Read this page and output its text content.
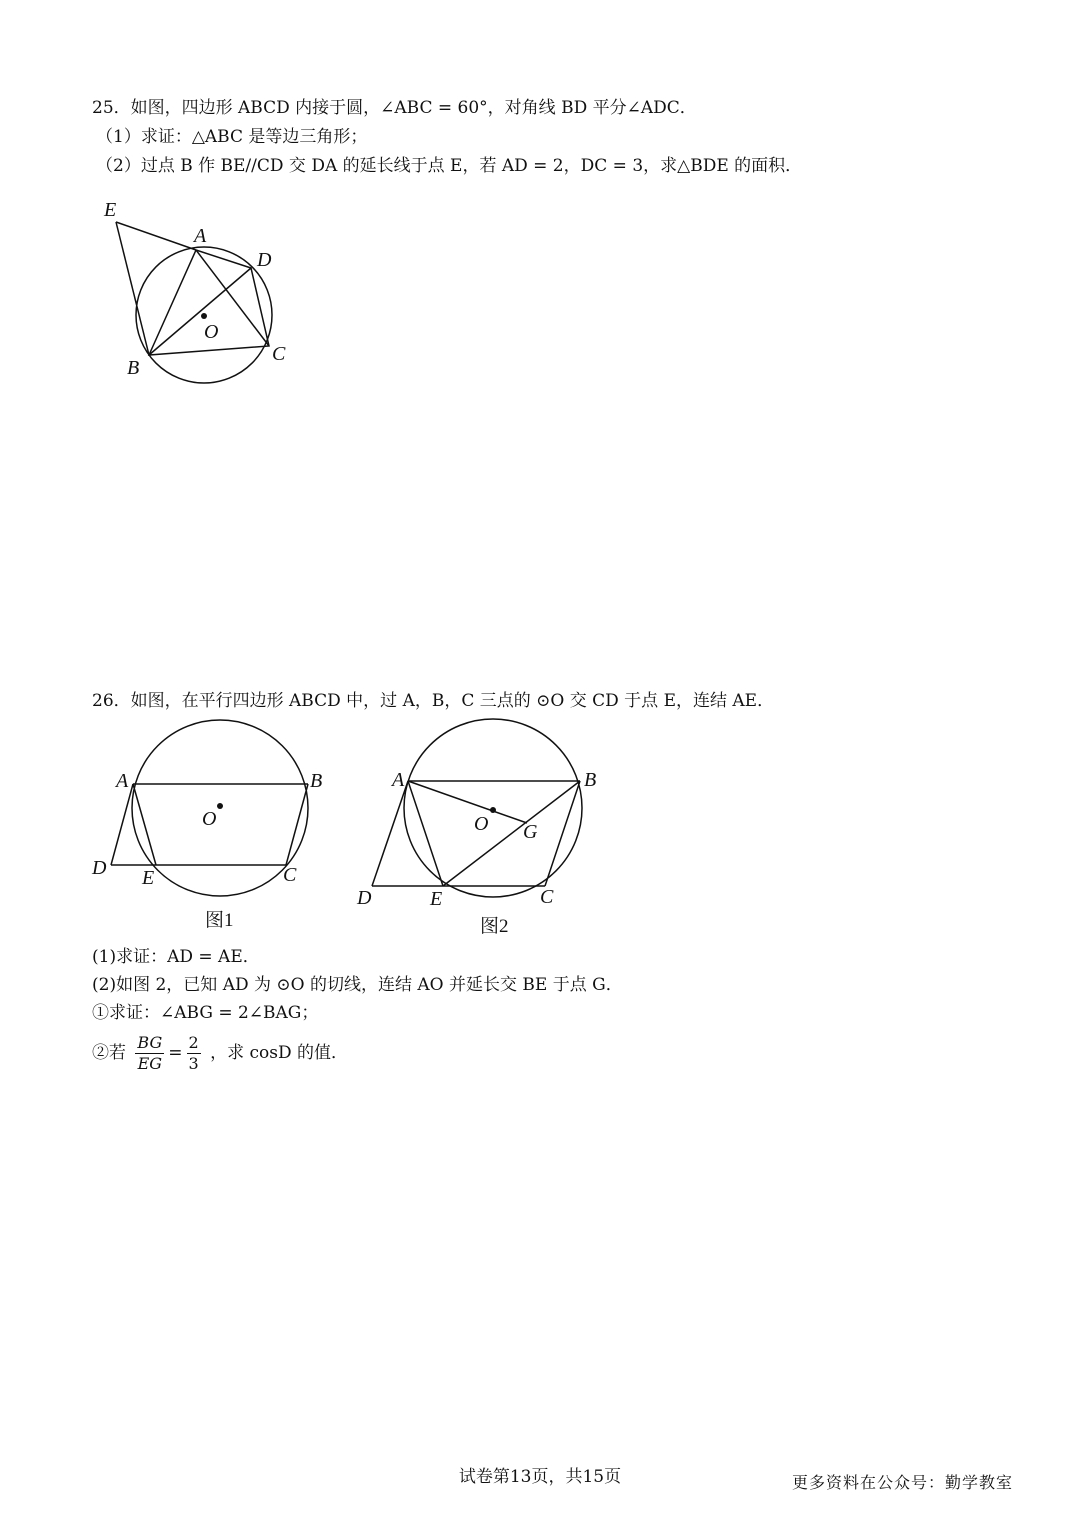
25．如图，四边形 ABCD 内接于圆，∠ABC = 60°，对角线 BD 平分∠ADC．
（1）求证：△ABC 是等边三角形；
（2）过点 B 作 BE//CD 交 DA 的延长线于点 E，若 AD = 2，DC = 3，求△BDE 的面积．
E
A
D
O
B
C
26．如图，在平行四边形 ABCD 中，过 A，B，C 三点的 ⊙O 交 CD 于点 E，连结 AE．
A	B
O
D E	C
图1
A	B
O G
D	E	C
图2
(1)求证：AD = AE．
(2)如图 2，已知 AD 为 ⊙O 的切线，连结 AO 并延长交 BE 于点 G．
①求证：∠ABG = 2∠BAG；
②若 $\frac{BG}{EG} = \frac{2}{3}$ ，求 cosD 的值．
试卷第13页，共15页	更多资料在公众号：勤学教室
